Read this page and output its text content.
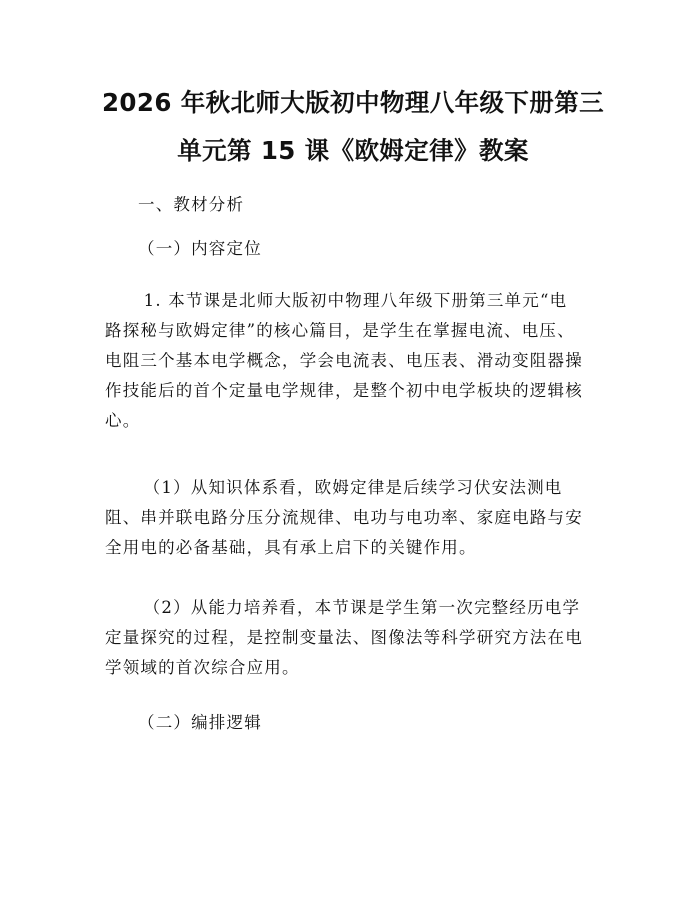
2026 年秋北师大版初中物理八年级下册第三
单元第 15 课《欧姆定律》教案

一、教材分析

（一）内容定位

1. 本节课是北师大版初中物理八年级下册第三单元“电
路探秘与欧姆定律”的核心篇目，是学生在掌握电流、电压、
电阻三个基本电学概念，学会电流表、电压表、滑动变阻器操
作技能后的首个定量电学规律，是整个初中电学板块的逻辑核
心。
（1）从知识体系看，欧姆定律是后续学习伏安法测电
阻、串并联电路分压分流规律、电功与电功率、家庭电路与安
全用电的必备基础，具有承上启下的关键作用。
（2）从能力培养看，本节课是学生第一次完整经历电学
定量探究的过程，是控制变量法、图像法等科学研究方法在电
学领域的首次综合应用。

（二）编排逻辑
